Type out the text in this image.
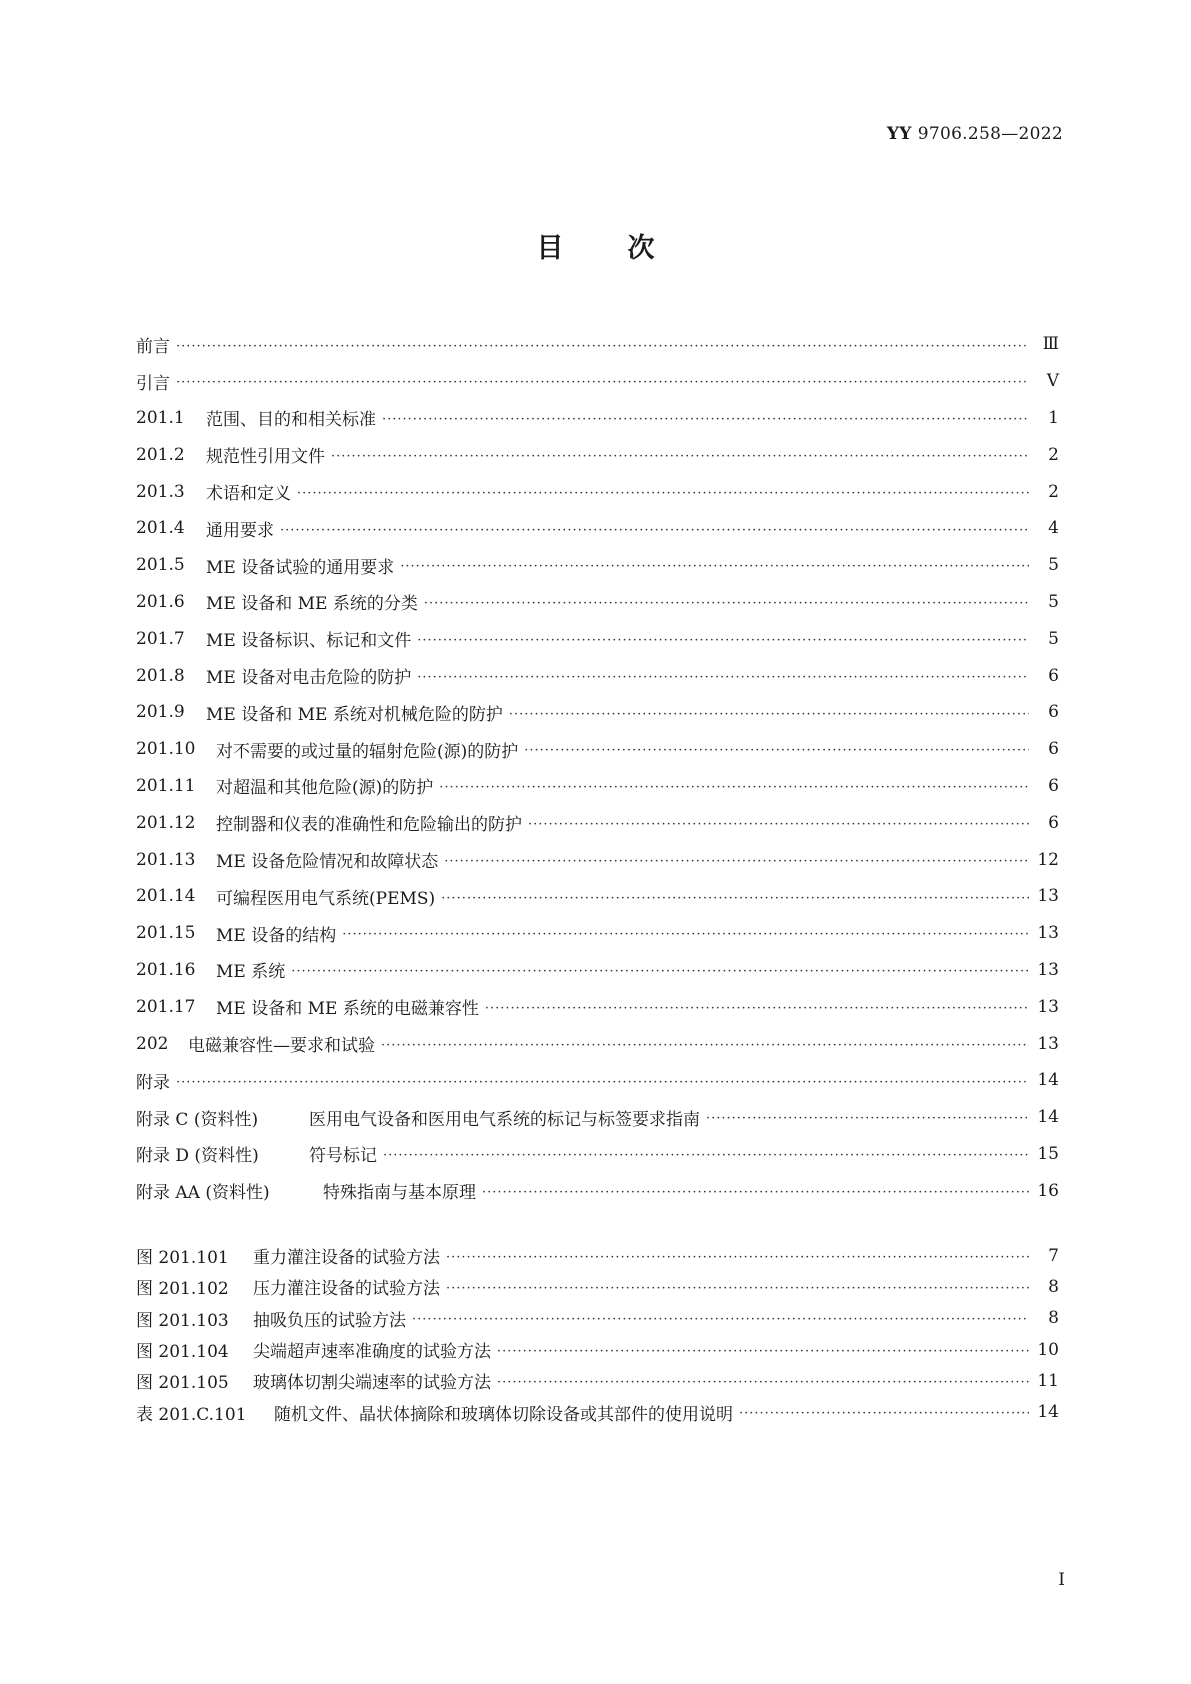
YY 9706.258—2022
目次
前言 ·····	Ⅲ
引言 ·····	Ⅴ
201.1	范围、目的和相关标准 ·····	1
201.2	规范性引用文件 ·····	2
201.3	术语和定义 ·····	2
201.4	通用要求 ·····	4
201.5	ME 设备试验的通用要求 ·····	5
201.6	ME 设备和 ME 系统的分类 ·····	5
201.7	ME 设备标识、标记和文件 ·····	5
201.8	ME 设备对电击危险的防护 ·····	6
201.9	ME 设备和 ME 系统对机械危险的防护 ·····	6
201.10	对不需要的或过量的辐射危险(源)的防护 ·····	6
201.11	对超温和其他危险(源)的防护 ·····	6
201.12	控制器和仪表的准确性和危险输出的防护 ·····	6
201.13	ME 设备危险情况和故障状态 ·····	12
201.14	可编程医用电气系统(PEMS) ·····	13
201.15	ME 设备的结构 ·····	13
201.16	ME 系统 ·····	13
201.17	ME 设备和 ME 系统的电磁兼容性 ·····	13
202	电磁兼容性—要求和试验 ·····	13
附录 ·····	14
附录 C (资料性)	医用电气设备和医用电气系统的标记与标签要求指南 ·····	14
附录 D (资料性)	符号标记 ·····	15
附录 AA (资料性)	特殊指南与基本原理 ·····	16
图 201.101	重力灌注设备的试验方法 ·····	7
图 201.102	压力灌注设备的试验方法 ·····	8
图 201.103	抽吸负压的试验方法 ·····	8
图 201.104	尖端超声速率准确度的试验方法 ·····	10
图 201.105	玻璃体切割尖端速率的试验方法 ·····	11
表 201.C.101	随机文件、晶状体摘除和玻璃体切除设备或其部件的使用说明 ·····	14
I
